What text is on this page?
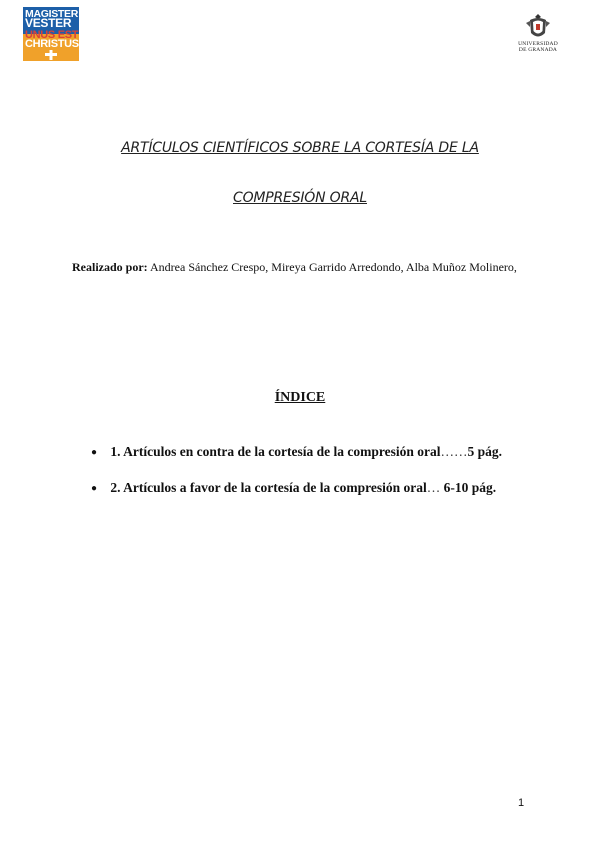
MAGISTER
VESTER
UNUS EST
CHRISTUS	UNIVERSIDAD
DE GRANADA
ARTÍCULOS CIENTÍFICOS SOBRE LA CORTESÍA DE LA
COMPRESIÓN ORAL
Realizado por: Andrea Sánchez Crespo, Mireya Garrido Arredondo, Alba Muñoz Molinero,
ÍNDICE
● 1. Artículos en contra de la cortesía de la compresión oral……5 pág.
● 2. Artículos a favor de la cortesía de la compresión oral… 6-10 pág.
1
